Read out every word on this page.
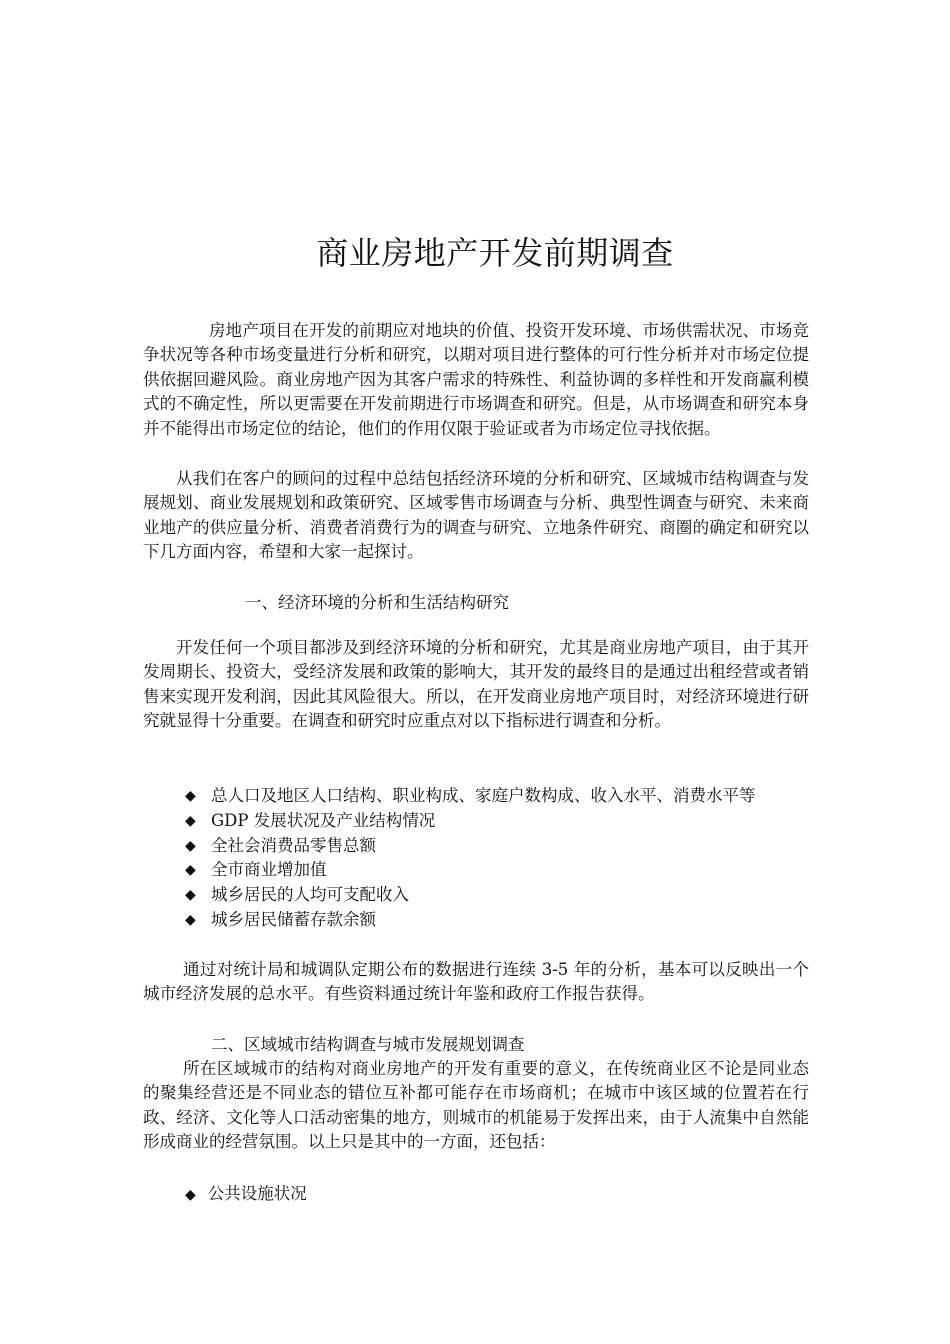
商业房地产开发前期调查

房地产项目在开发的前期应对地块的价值、投资开发环境、市场供需状况、市场竞争状况等各种市场变量进行分析和研究，以期对项目进行整体的可行性分析并对市场定位提供依据回避风险。商业房地产因为其客户需求的特殊性、利益协调的多样性和开发商赢利模式的不确定性，所以更需要在开发前期进行市场调查和研究。但是，从市场调查和研究本身并不能得出市场定位的结论，他们的作用仅限于验证或者为市场定位寻找依据。

从我们在客户的顾问的过程中总结包括经济环境的分析和研究、区域城市结构调查与发展规划、商业发展规划和政策研究、区域零售市场调查与分析、典型性调查与研究、未来商业地产的供应量分析、消费者消费行为的调查与研究、立地条件研究、商圈的确定和研究以下几方面内容，希望和大家一起探讨。

一、经济环境的分析和生活结构研究

开发任何一个项目都涉及到经济环境的分析和研究，尤其是商业房地产项目，由于其开发周期长、投资大，受经济发展和政策的影响大，其开发的最终目的是通过出租经营或者销售来实现开发利润，因此其风险很大。所以，在开发商业房地产项目时，对经济环境进行研究就显得十分重要。在调查和研究时应重点对以下指标进行调查和分析。

◆ 总人口及地区人口结构、职业构成、家庭户数构成、收入水平、消费水平等
◆ GDP 发展状况及产业结构情况
◆ 全社会消费品零售总额
◆ 全市商业增加值
◆ 城乡居民的人均可支配收入
◆ 城乡居民储蓄存款余额

通过对统计局和城调队定期公布的数据进行连续 3-5 年的分析，基本可以反映出一个城市经济发展的总水平。有些资料通过统计年鉴和政府工作报告获得。

二、区域城市结构调查与城市发展规划调查

所在区域城市的结构对商业房地产的开发有重要的意义，在传统商业区不论是同业态的聚集经营还是不同业态的错位互补都可能存在市场商机；在城市中该区域的位置若在行政、经济、文化等人口活动密集的地方，则城市的机能易于发挥出来，由于人流集中自然能形成商业的经营氛围。以上只是其中的一方面，还包括：

◆ 公共设施状况
